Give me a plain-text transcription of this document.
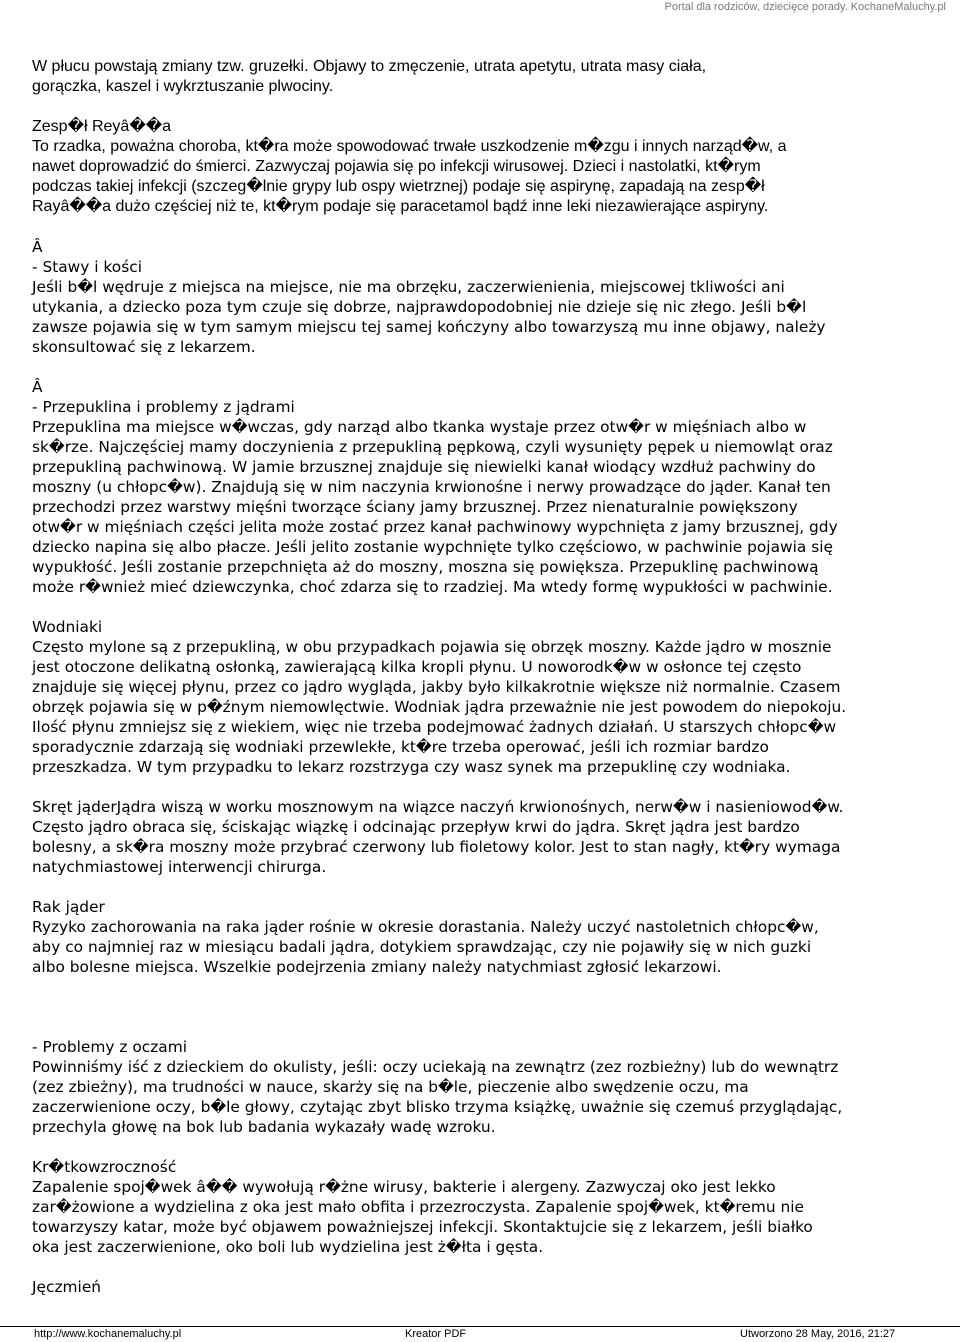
Portal dla rodziców, dziecięce porady. KochaneMaluchy.pl

W płucu powstają zmiany tzw. gruzełki. Objawy to zmęczenie, utrata apetytu, utrata masy ciała,
gorączka, kaszel i wykrztuszanie plwociny.

Zesp�ł Reyâ��a
To rzadka, poważna choroba, kt�ra może spowodować trwałe uszkodzenie m�zgu i innych narząd�w, a
nawet doprowadzić do śmierci. Zazwyczaj pojawia się po infekcji wirusowej. Dzieci i nastolatki, kt�rym
podczas takiej infekcji (szczeg�lnie grypy lub ospy wietrznej) podaje się aspirynę, zapadają na zesp�ł
Rayâ��a dużo częściej niż te, kt�rym podaje się paracetamol bądź inne leki niezawierające aspiryny.

Â
- Stawy i kości
Jeśli b�l wędruje z miejsca na miejsce, nie ma obrzęku, zaczerwienienia, miejscowej tkliwości ani
utykania, a dziecko poza tym czuje się dobrze, najprawdopodobniej nie dzieje się nic złego. Jeśli b�l
zawsze pojawia się w tym samym miejscu tej samej kończyny albo towarzyszą mu inne objawy, należy
skonsultować się z lekarzem.

Â
- Przepuklina i problemy z jądrami
Przepuklina ma miejsce w�wczas, gdy narząd albo tkanka wystaje przez otw�r w mięśniach albo w
sk�rze. Najczęściej mamy doczynienia z przepukliną pępkową, czyli wysunięty pępek u niemowląt oraz
przepukliną pachwinową. W jamie brzusznej znajduje się niewielki kanał wiodący wzdłuż pachwiny do
moszny (u chłopc�w). Znajdują się w nim naczynia krwionośne i nerwy prowadzące do jąder. Kanał ten
przechodzi przez warstwy mięśni tworzące ściany jamy brzusznej. Przez nienaturalnie powiększony
otw�r w mięśniach części jelita może zostać przez kanał pachwinowy wypchnięta z jamy brzusznej, gdy
dziecko napina się albo płacze. Jeśli jelito zostanie wypchnięte tylko częściowo, w pachwinie pojawia się
wypukłość. Jeśli zostanie przepchnięta aż do moszny, moszna się powiększa. Przepuklinę pachwinową
może r�wnież mieć dziewczynka, choć zdarza się to rzadziej. Ma wtedy formę wypukłości w pachwinie.

Wodniaki
Często mylone są z przepukliną, w obu przypadkach pojawia się obrzęk moszny. Każde jądro w mosznie
jest otoczone delikatną osłonką, zawierającą kilka kropli płynu. U noworodk�w w osłonce tej często
znajduje się więcej płynu, przez co jądro wygląda, jakby było kilkakrotnie większe niż normalnie. Czasem
obrzęk pojawia się w p�źnym niemowlęctwie. Wodniak jądra przeważnie nie jest powodem do niepokoju.
Ilość płynu zmniejsz się z wiekiem, więc nie trzeba podejmować żadnych działań. U starszych chłopc�w
sporadycznie zdarzają się wodniaki przewlekłe, kt�re trzeba operować, jeśli ich rozmiar bardzo
przeszkadza. W tym przypadku to lekarz rozstrzyga czy wasz synek ma przepuklinę czy wodniaka.

Skręt jąderJądra wiszą w worku mosznowym na wiązce naczyń krwionośnych, nerw�w i nasieniowod�w.
Często jądro obraca się, ściskając wiązkę i odcinając przepływ krwi do jądra. Skręt jądra jest bardzo
bolesny, a sk�ra moszny może przybrać czerwony lub fioletowy kolor. Jest to stan nagły, kt�ry wymaga
natychmiastowej interwencji chirurga.

Rak jąder
Ryzyko zachorowania na raka jąder rośnie w okresie dorastania. Należy uczyć nastoletnich chłopc�w,
aby co najmniej raz w miesiącu badali jądra, dotykiem sprawdzając, czy nie pojawiły się w nich guzki
albo bolesne miejsca. Wszelkie podejrzenia zmiany należy natychmiast zgłosić lekarzowi.

- Problemy z oczami
Powinniśmy iść z dzieckiem do okulisty, jeśli: oczy uciekają na zewnątrz (zez rozbieżny) lub do wewnątrz
(zez zbieżny), ma trudności w nauce, skarży się na b�le, pieczenie albo swędzenie oczu, ma
zaczerwienione oczy, b�le głowy, czytając zbyt blisko trzyma książkę, uważnie się czemuś przyglądając,
przechyla głowę na bok lub badania wykazały wadę wzroku.

Kr�tkowzroczność
Zapalenie spoj�wek â�� wywołują r�żne wirusy, bakterie i alergeny. Zazwyczaj oko jest lekko
zar�żowione a wydzielina z oka jest mało obfita i przezroczysta. Zapalenie spoj�wek, kt�remu nie
towarzyszy katar, może być objawem poważniejszej infekcji. Skontaktujcie się z lekarzem, jeśli białko
oka jest zaczerwienione, oko boli lub wydzielina jest ż�łta i gęsta.

Jęczmień

http://www.kochanemaluchy.pl	Kreator PDF	Utworzono 28 May, 2016, 21:27
